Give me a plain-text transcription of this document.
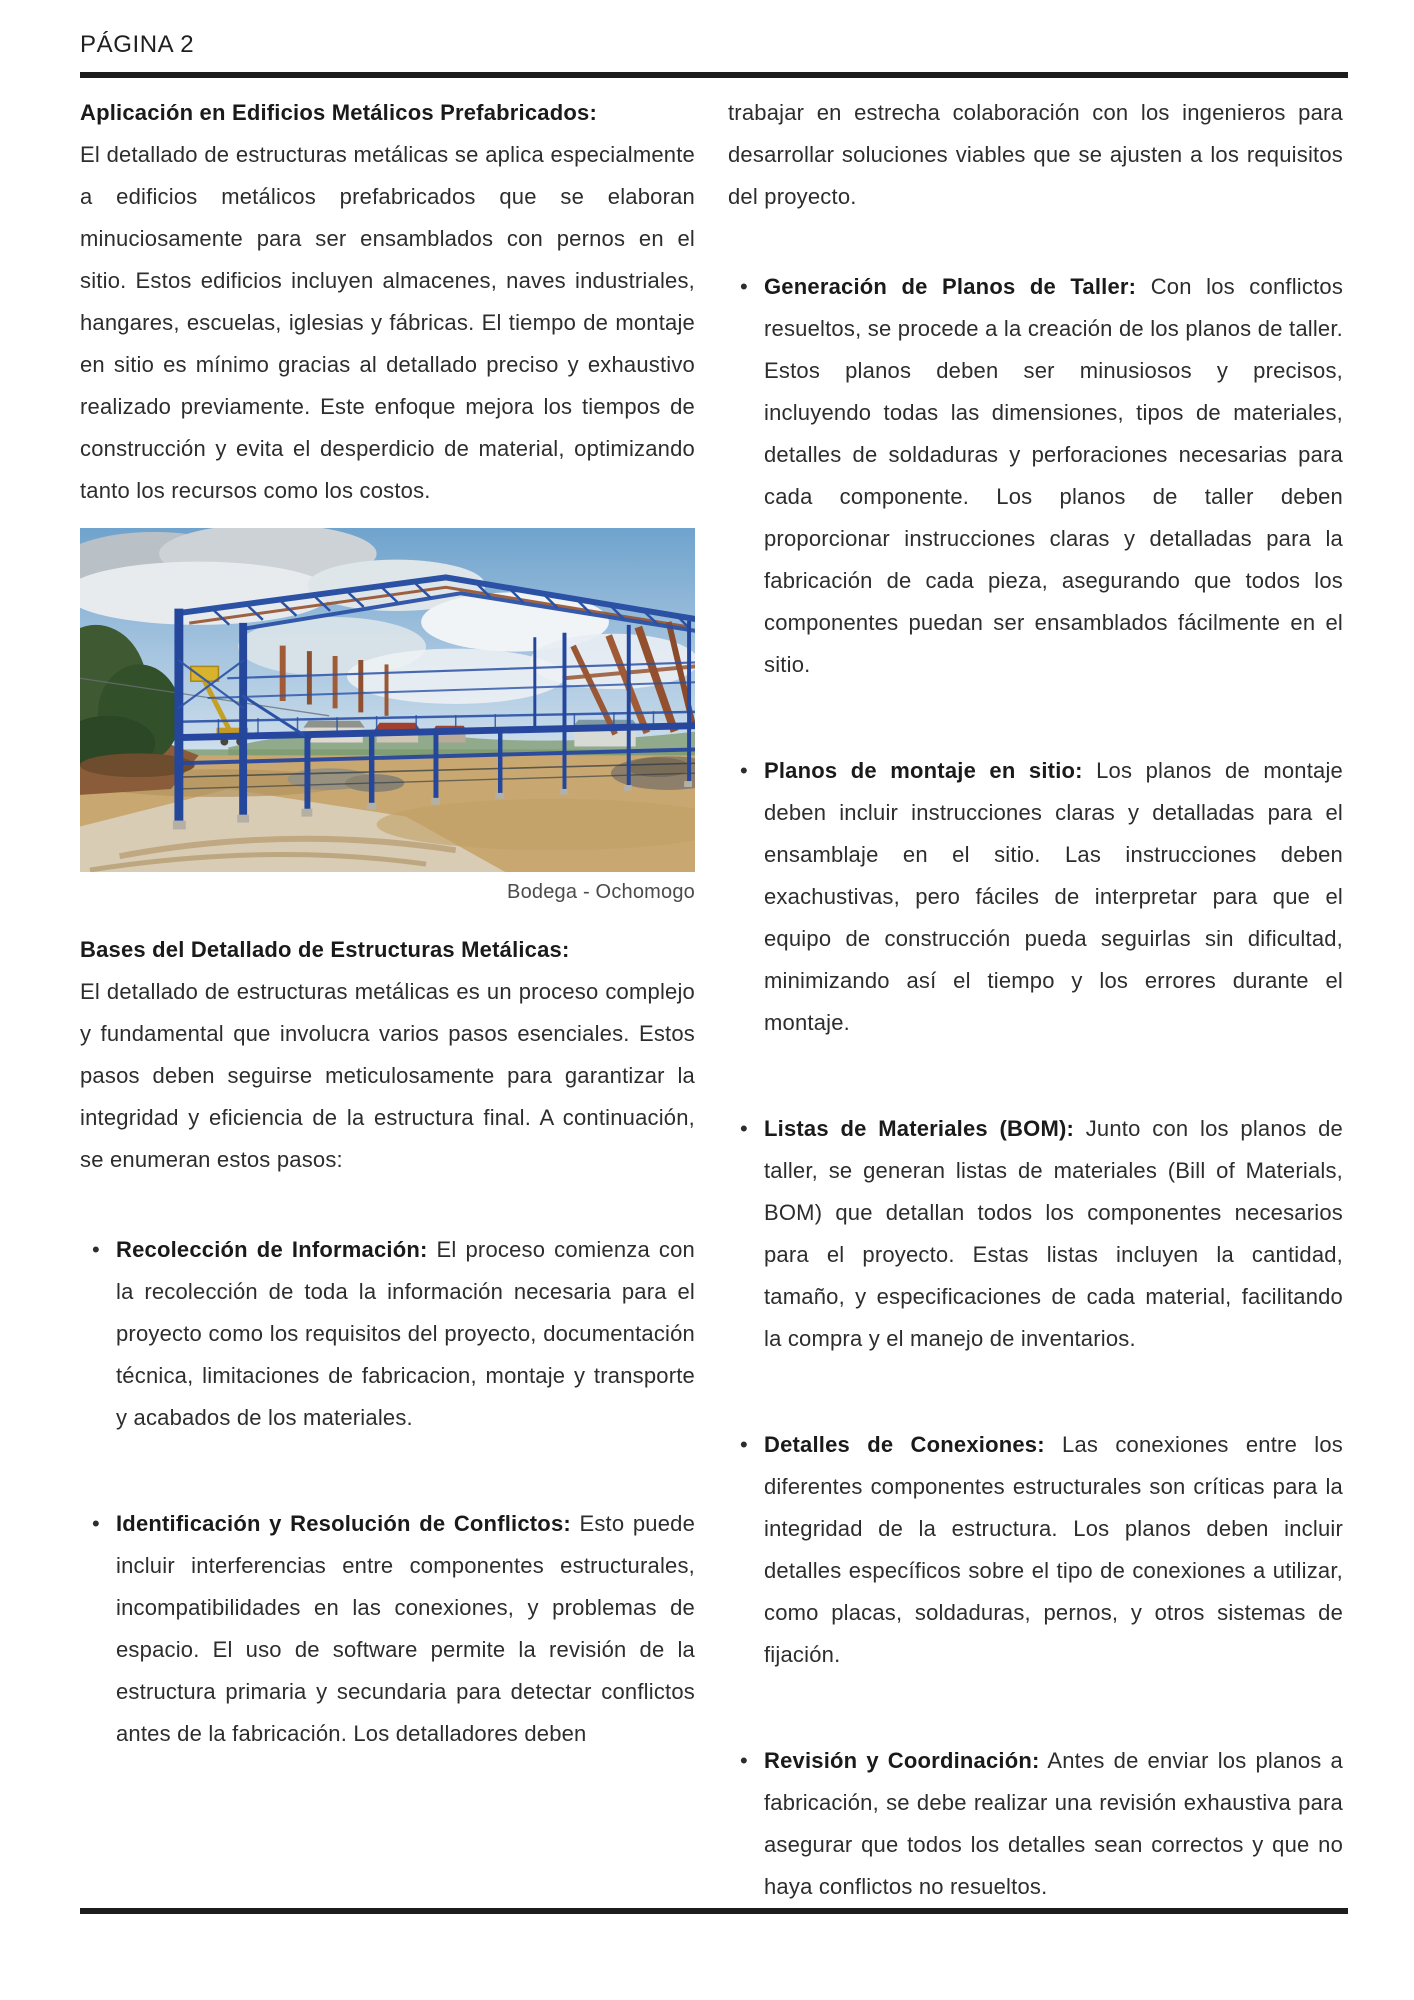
PÁGINA 2

Aplicación en Edificios Metálicos Prefabricados:

El detallado de estructuras metálicas se aplica especialmente a edificios metálicos prefabricados que se elaboran minuciosamente para ser ensamblados con pernos en el sitio. Estos edificios incluyen almacenes, naves industriales, hangares, escuelas, iglesias y fábricas. El tiempo de montaje en sitio es mínimo gracias al detallado preciso y exhaustivo realizado previamente. Este enfoque mejora los tiempos de construcción y evita el desperdicio de material, optimizando tanto los recursos como los costos.

Bodega - Ochomogo

Bases del Detallado de Estructuras Metálicas:

El detallado de estructuras metálicas es un proceso complejo y fundamental que involucra varios pasos esenciales. Estos pasos deben seguirse meticulosamente para garantizar la integridad y eficiencia de la estructura final. A continuación, se enumeran estos pasos:

• Recolección de Información: El proceso comienza con la recolección de toda la información necesaria para el proyecto como los requisitos del proyecto, documentación técnica, limitaciones de fabricacion, montaje y transporte y acabados de los materiales.

• Identificación y Resolución de Conflictos: Esto puede incluir interferencias entre componentes estructurales, incompatibilidades en las conexiones, y problemas de espacio. El uso de software permite la revisión de la estructura primaria y secundaria para detectar conflictos antes de la fabricación. Los detalladores deben

trabajar en estrecha colaboración con los ingenieros para desarrollar soluciones viables que se ajusten a los requisitos del proyecto.

• Generación de Planos de Taller: Con los conflictos resueltos, se procede a la creación de los planos de taller. Estos planos deben ser minusiosos y precisos, incluyendo todas las dimensiones, tipos de materiales, detalles de soldaduras y perforaciones necesarias para cada componente. Los planos de taller deben proporcionar instrucciones claras y detalladas para la fabricación de cada pieza, asegurando que todos los componentes puedan ser ensamblados fácilmente en el sitio.

• Planos de montaje en sitio: Los planos de montaje deben incluir instrucciones claras y detalladas para el ensamblaje en el sitio. Las instrucciones deben exachustivas, pero fáciles de interpretar para que el equipo de construcción pueda seguirlas sin dificultad, minimizando así el tiempo y los errores durante el montaje.

• Listas de Materiales (BOM): Junto con los planos de taller, se generan listas de materiales (Bill of Materials, BOM) que detallan todos los componentes necesarios para el proyecto. Estas listas incluyen la cantidad, tamaño, y especificaciones de cada material, facilitando la compra y el manejo de inventarios.

• Detalles de Conexiones: Las conexiones entre los diferentes componentes estructurales son críticas para la integridad de la estructura. Los planos deben incluir detalles específicos sobre el tipo de conexiones a utilizar, como placas, soldaduras, pernos, y otros sistemas de fijación.

• Revisión y Coordinación: Antes de enviar los planos a fabricación, se debe realizar una revisión exhaustiva para asegurar que todos los detalles sean correctos y que no haya conflictos no resueltos.
